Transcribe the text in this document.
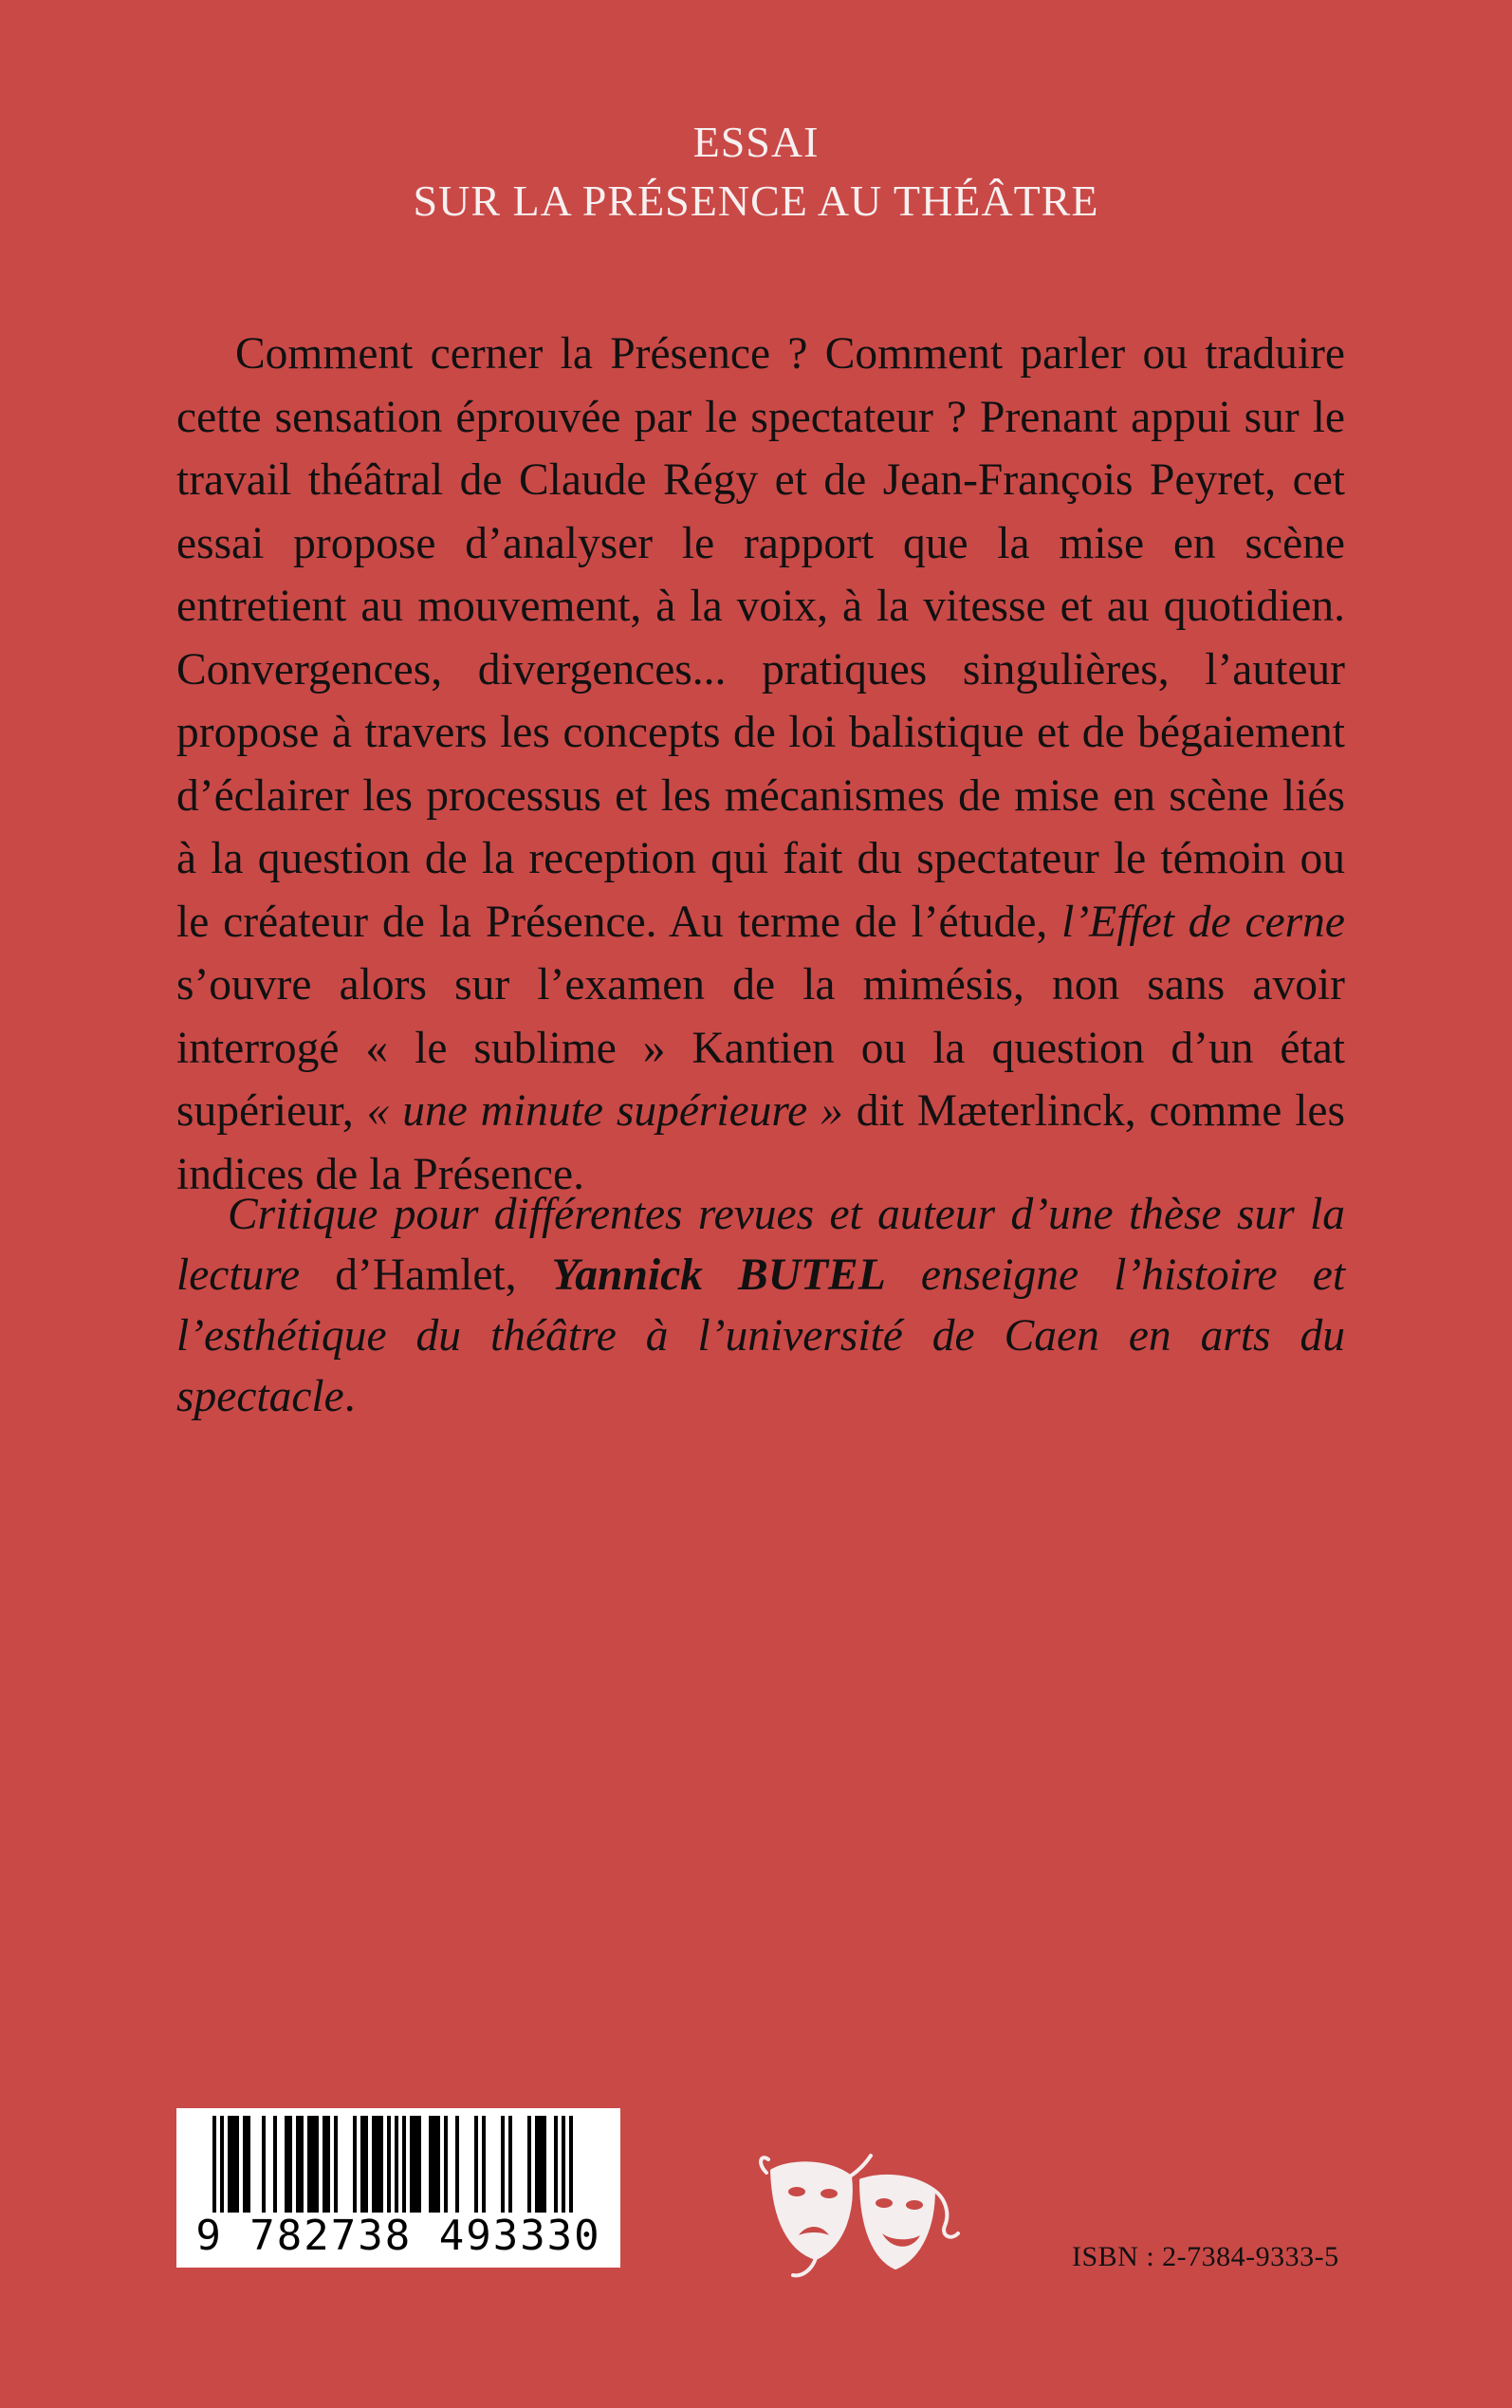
ESSAI
SUR LA PRÉSENCE AU THÉÂTRE

Comment cerner la Présence ? Comment parler ou traduire cette sensation éprouvée par le spectateur ? Prenant appui sur le travail théâtral de Claude Régy et de Jean-François Peyret, cet essai propose d’analyser le rapport que la mise en scène entretient au mouvement, à la voix, à la vitesse et au quotidien. Convergences, divergences... pratiques singulières, l’auteur propose à travers les concepts de loi balistique et de bégaiement d’éclairer les processus et les mécanismes de mise en scène liés à la question de la reception qui fait du spectateur le témoin ou le créateur de la Présence. Au terme de l’étude, l’Effet de cerne s’ouvre alors sur l’examen de la mimésis, non sans avoir interrogé « le sublime » Kantien ou la question d’un état supérieur, « une minute supérieure » dit Mæterlinck, comme les indices de la Présence.

Critique pour différentes revues et auteur d’une thèse sur la lecture d’Hamlet, Yannick BUTEL enseigne l’histoire et l’esthétique du théâtre à l’université de Caen en arts du spectacle.

9 782738 493330	ISBN : 2-7384-9333-5
